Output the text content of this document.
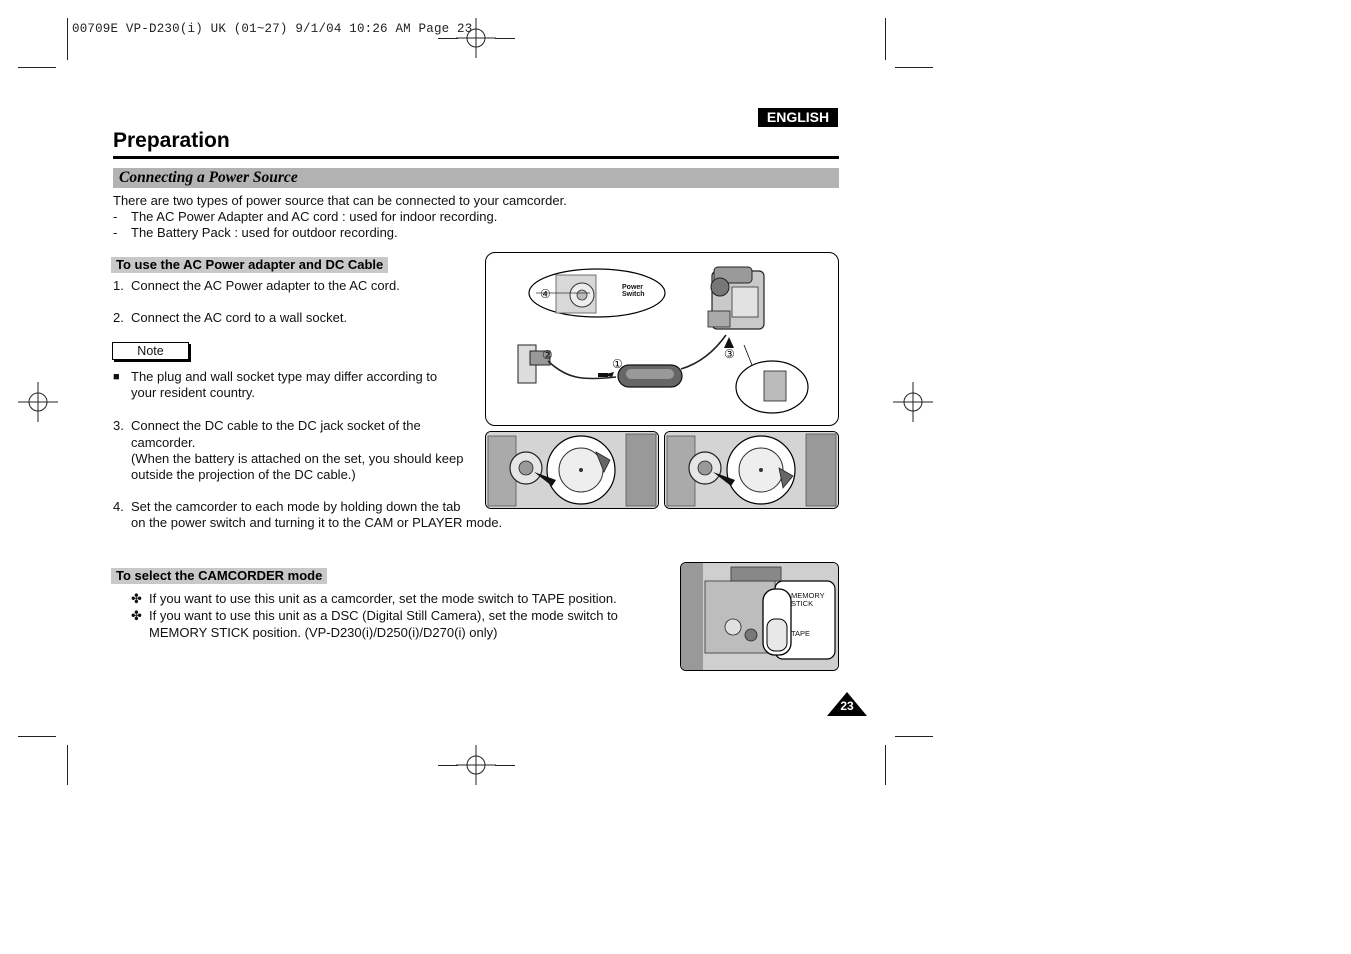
00709E VP-D230(i) UK (01~27) 9/1/04 10:26 AM Page 23
ENGLISH
Preparation
Connecting a Power Source
There are two types of power source that can be connected to your camcorder.
- The AC Power Adapter and AC cord : used for indoor recording.
- The Battery Pack : used for outdoor recording.
To use the AC Power adapter and DC Cable
1. Connect the AC Power adapter to the AC cord.
2. Connect the AC cord to a wall socket.
Note
■ The plug and wall socket type may differ according to
your resident country.
3. Connect the DC cable to the DC jack socket of the
camcorder.
(When the battery is attached on the set, you should keep
outside the projection of the DC cable.)
4. Set the camcorder to each mode by holding down the tab
on the power switch and turning it to the CAM or PLAYER mode.
④
②
①
③
Power
Switch
To select the CAMCORDER mode
✤ If you want to use this unit as a camcorder, set the mode switch to TAPE position.
✤ If you want to use this unit as a DSC (Digital Still Camera), set the mode switch to
MEMORY STICK position. (VP-D230(i)/D250(i)/D270(i) only)
MEMORY
STICK
TAPE
23
